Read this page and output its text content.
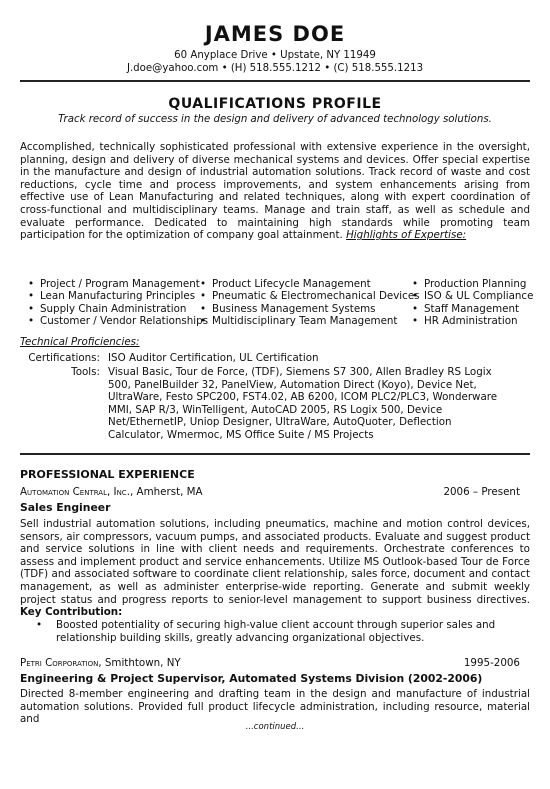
JAMES DOE
60 Anyplace Drive • Upstate, NY 11949
J.doe@yahoo.com • (H) 518.555.1212 • (C) 518.555.1213
QUALIFICATIONS PROFILE
Track record of success in the design and delivery of advanced technology solutions.
Accomplished, technically sophisticated professional with extensive experience in the oversight, planning, design and delivery of diverse mechanical systems and devices. Offer special expertise in the manufacture and design of industrial automation solutions. Track record of waste and cost reductions, cycle time and process improvements, and system enhancements arising from effective use of Lean Manufacturing and related techniques, along with expert coordination of cross-functional and multidisciplinary teams. Manage and train staff, as well as schedule and evaluate performance. Dedicated to maintaining high standards while promoting team participation for the optimization of company goal attainment. Highlights of Expertise:
• Project / Program Management
• Lean Manufacturing Principles
• Supply Chain Administration
• Customer / Vendor Relationships
• Product Lifecycle Management
• Pneumatic & Electromechanical Devices
• Business Management Systems
• Multidisciplinary Team Management
• Production Planning
• ISO & UL Compliance
• Staff Management
• HR Administration
Technical Proficiencies:
Certifications: ISO Auditor Certification, UL Certification
Tools: Visual Basic, Tour de Force, (TDF), Siemens S7 300, Allen Bradley RS Logix 500, PanelBuilder 32, PanelView, Automation Direct (Koyo), Device Net, UltraWare, Festo SPC200, FST4.02, AB 6200, ICOM PLC2/PLC3, Wonderware MMI, SAP R/3, WinTelligent, AutoCAD 2005, RS Logix 500, Device Net/EthernetIP, Uniop Designer, UltraWare, AutoQuoter, Deflection Calculator, Wmermoc, MS Office Suite / MS Projects
PROFESSIONAL EXPERIENCE
Automation Central, Inc., Amherst, MA	2006 – Present
Sales Engineer
Sell industrial automation solutions, including pneumatics, machine and motion control devices, sensors, air compressors, vacuum pumps, and associated products. Evaluate and suggest product and service solutions in line with client needs and requirements. Orchestrate conferences to assess and implement product and service enhancements. Utilize MS Outlook-based Tour de Force (TDF) and associated software to coordinate client relationship, sales force, document and contact management, as well as administer enterprise-wide reporting. Generate and submit weekly project status and progress reports to senior-level management to support business directives. Key Contribution:
• Boosted potentiality of securing high-value client account through superior sales and relationship building skills, greatly advancing organizational objectives.
Petri Corporation, Smithtown, NY	1995-2006
Engineering & Project Supervisor, Automated Systems Division (2002-2006)
Directed 8-member engineering and drafting team in the design and manufacture of industrial automation solutions. Provided full product lifecycle administration, including resource, material and
...continued...
